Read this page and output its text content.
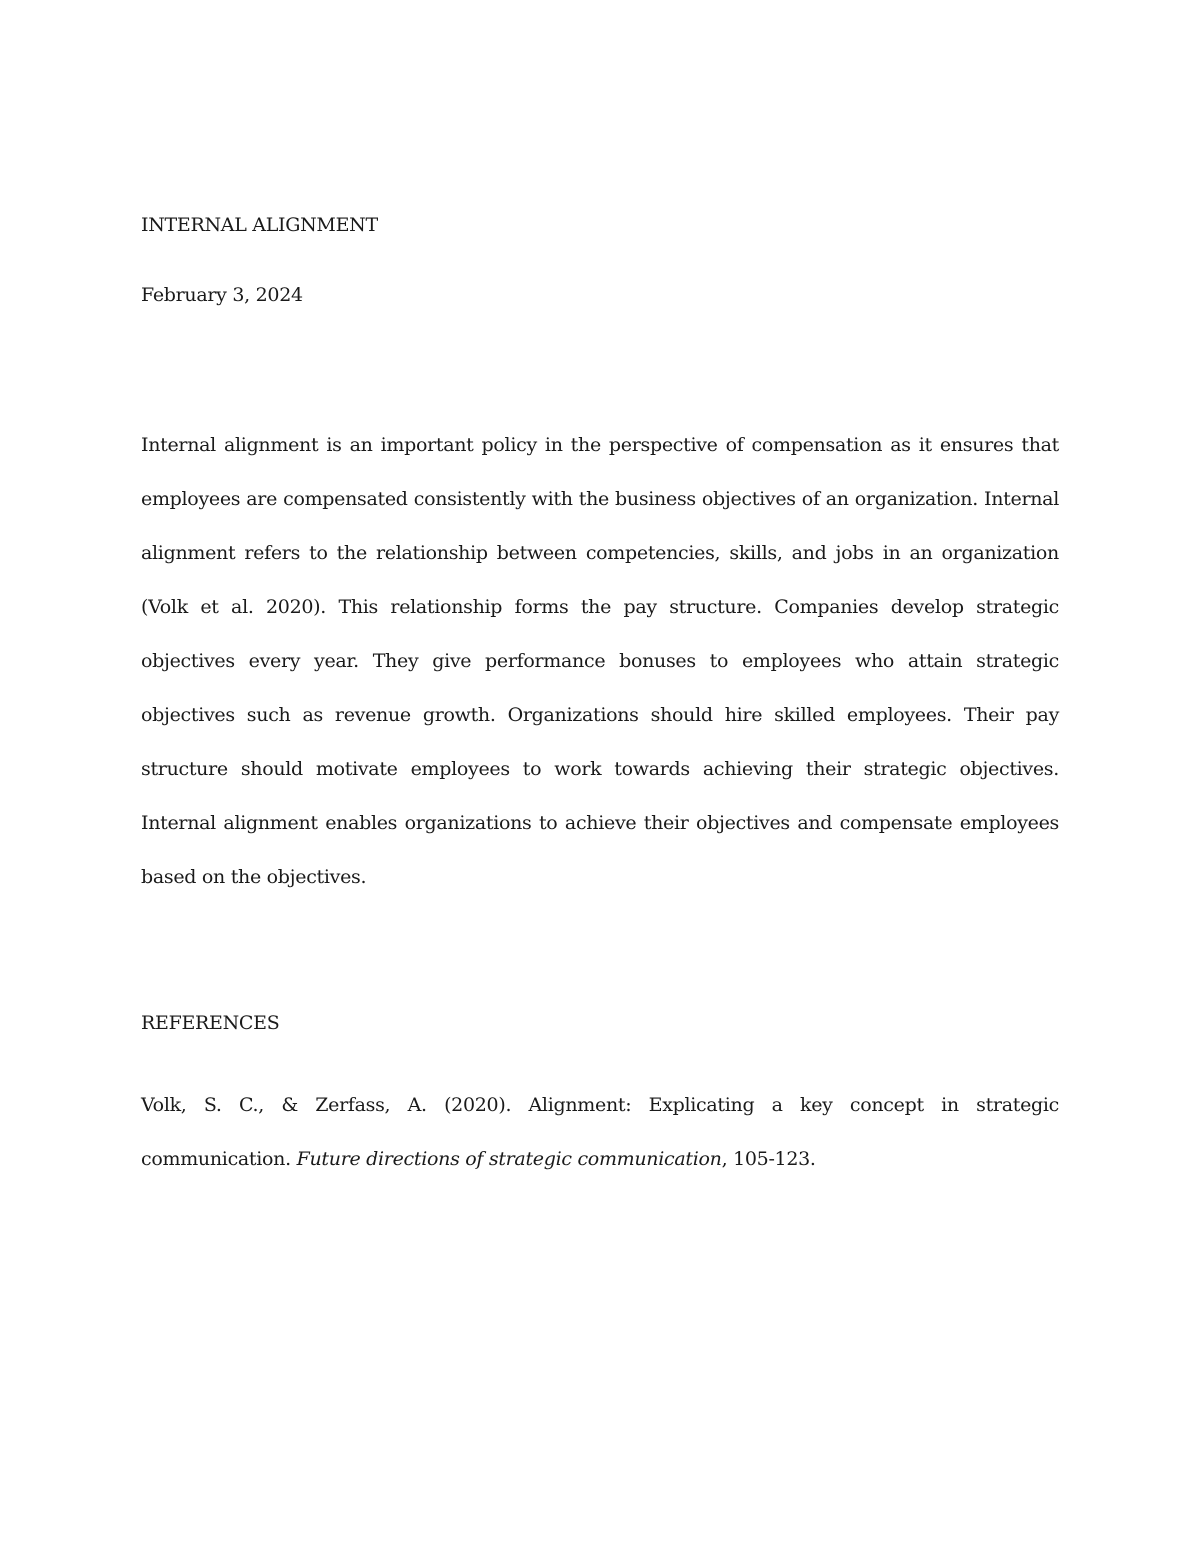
INTERNAL ALIGNMENT
February 3, 2024
Internal alignment is an important policy in the perspective of compensation as it ensures that
employees are compensated consistently with the business objectives of an organization. Internal
alignment refers to the relationship between competencies, skills, and jobs in an organization
(Volk et al. 2020). This relationship forms the pay structure. Companies develop strategic
objectives every year. They give performance bonuses to employees who attain strategic
objectives such as revenue growth. Organizations should hire skilled employees. Their pay
structure should motivate employees to work towards achieving their strategic objectives.
Internal alignment enables organizations to achieve their objectives and compensate employees
based on the objectives.
REFERENCES
Volk, S. C., & Zerfass, A. (2020). Alignment: Explicating a key concept in strategic
communication. Future directions of strategic communication, 105-123.
